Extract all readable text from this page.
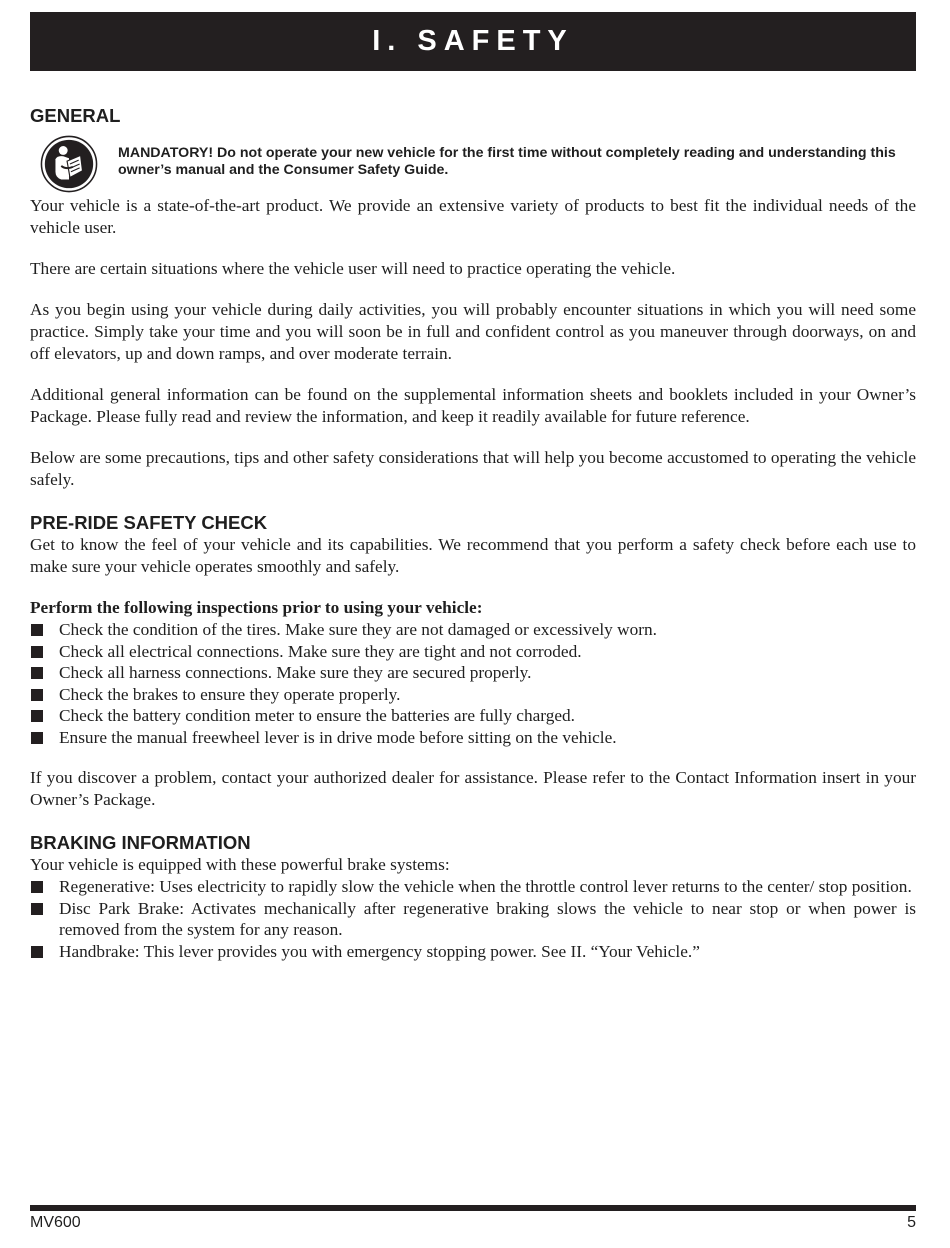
I. SAFETY
GENERAL
MANDATORY! Do not operate your new vehicle for the first time without completely reading and understanding this owner’s manual and the Consumer Safety Guide.

Your vehicle is a state-of-the-art product. We provide an extensive variety of products to best fit the individual needs of the vehicle user.

There are certain situations where the vehicle user will need to practice operating the vehicle.

As you begin using your vehicle during daily activities, you will probably encounter situations in which you will need some practice. Simply take your time and you will soon be in full and confident control as you maneuver through doorways, on and off elevators, up and down ramps, and over moderate terrain.

Additional general information can be found on the supplemental information sheets and booklets included in your Owner’s Package. Please fully read and review the information, and keep it readily available for future reference.

Below are some precautions, tips and other safety considerations that will help you become accustomed to operating the vehicle safely.

PRE-RIDE SAFETY CHECK

Get to know the feel of your vehicle and its capabilities. We recommend that you perform a safety check before each use to make sure your vehicle operates smoothly and safely.

Perform the following inspections prior to using your vehicle:

Check the condition of the tires. Make sure they are not damaged or excessively worn.
Check all electrical connections. Make sure they are tight and not corroded.
Check all harness connections. Make sure they are secured properly.
Check the brakes to ensure they operate properly.
Check the battery condition meter to ensure the batteries are fully charged.
Ensure the manual freewheel lever is in drive mode before sitting on the vehicle.

If you discover a problem, contact your authorized dealer for assistance. Please refer to the Contact Information insert in your Owner’s Package.

BRAKING INFORMATION

Your vehicle is equipped with these powerful brake systems:

Regenerative: Uses electricity to rapidly slow the vehicle when the throttle control lever returns to the center/ stop position.
Disc Park Brake: Activates mechanically after regenerative braking slows the vehicle to near stop or when power is removed from the system for any reason.
Handbrake: This lever provides you with emergency stopping power. See II. “Your Vehicle.”
MV600	5
